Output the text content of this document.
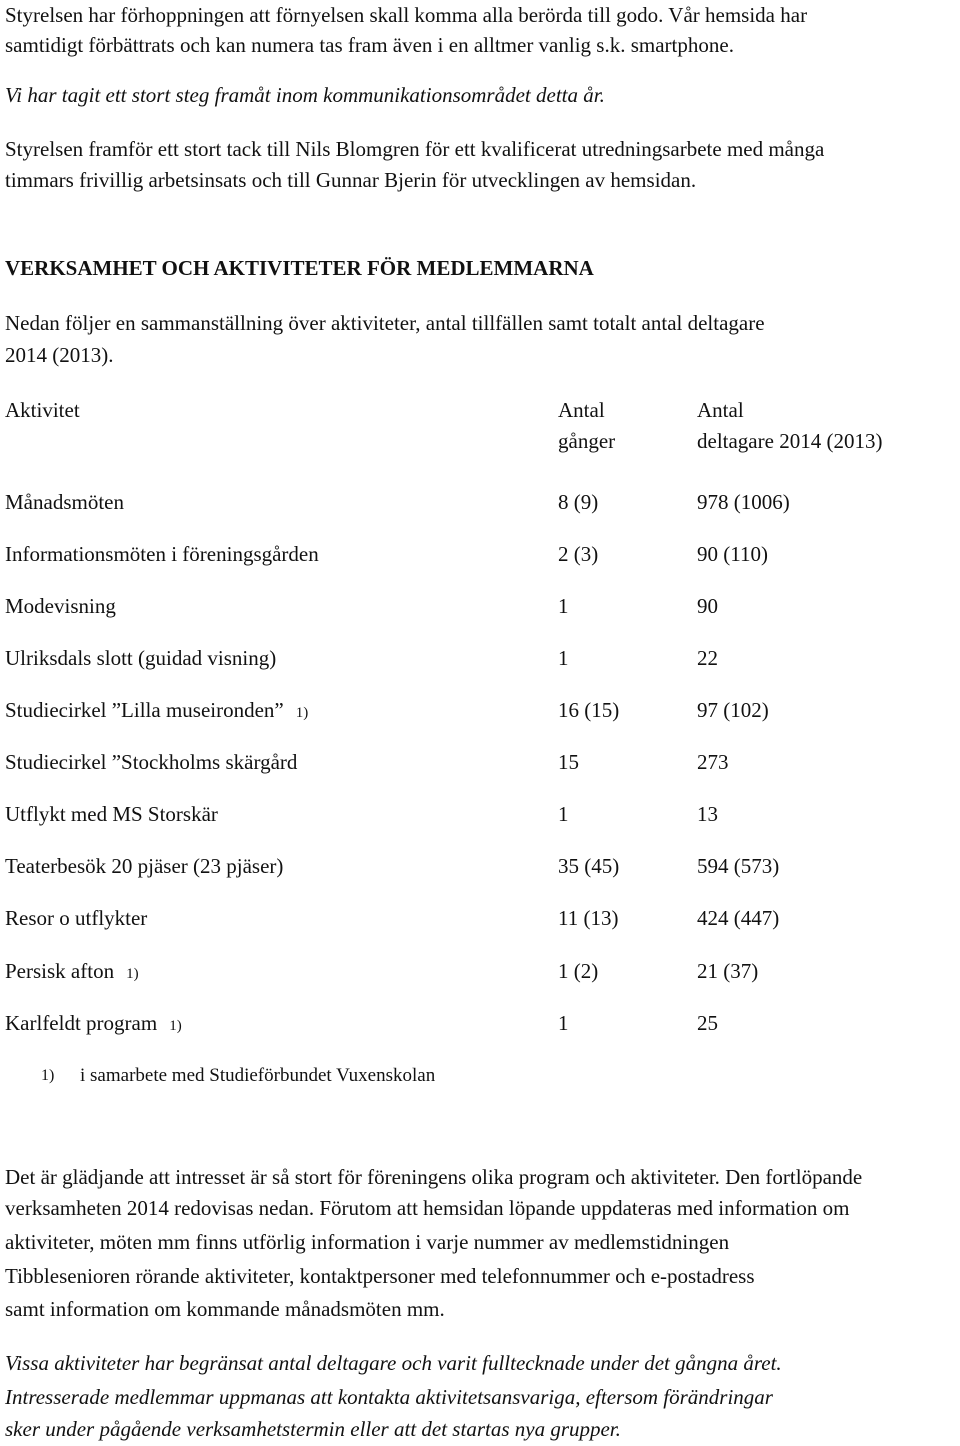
Styrelsen har förhoppningen att förnyelsen skall komma alla berörda till godo. Vår hemsida har
samtidigt förbättrats och kan numera tas fram även i en alltmer vanlig s.k. smartphone.
Vi har tagit ett stort steg framåt inom kommunikationsområdet detta år.
Styrelsen framför ett stort tack till Nils Blomgren för ett kvalificerat utredningsarbete med många
timmars frivillig arbetsinsats och till Gunnar Bjerin för utvecklingen av hemsidan.
VERKSAMHET OCH AKTIVITETER FÖR MEDLEMMARNA
Nedan följer en sammanställning över aktiviteter, antal tillfällen samt totalt antal deltagare
2014 (2013).
Aktivitet	Antal	Antal
gånger	deltagare 2014 (2013)
Månadsmöten	8 (9)	978 (1006)
Informationsmöten i föreningsgården	2 (3)	90 (110)
Modevisning	1	90
Ulriksdals slott (guidad visning)	1	22
Studiecirkel ”Lilla museironden” 1)	16 (15)	97 (102)
Studiecirkel ”Stockholms skärgård	15	273
Utflykt med MS Storskär	1	13
Teaterbesök 20 pjäser (23 pjäser)	35 (45)	594 (573)
Resor o utflykter	11 (13)	424 (447)
Persisk afton 1)	1 (2)	21 (37)
Karlfeldt program 1)	1	25
1) i samarbete med Studieförbundet Vuxenskolan
Det är glädjande att intresset är så stort för föreningens olika program och aktiviteter. Den fortlöpande
verksamheten 2014 redovisas nedan. Förutom att hemsidan löpande uppdateras med information om
aktiviteter, möten mm finns utförlig information i varje nummer av medlemstidningen
Tibblesenioren rörande aktiviteter, kontaktpersoner med telefonnummer och e-postadress
samt information om kommande månadsmöten mm.
Vissa aktiviteter har begränsat antal deltagare och varit fulltecknade under det gångna året.
Intresserade medlemmar uppmanas att kontakta aktivitetsansvariga, eftersom förändringar
sker under pågående verksamhetstermin eller att det startas nya grupper.
